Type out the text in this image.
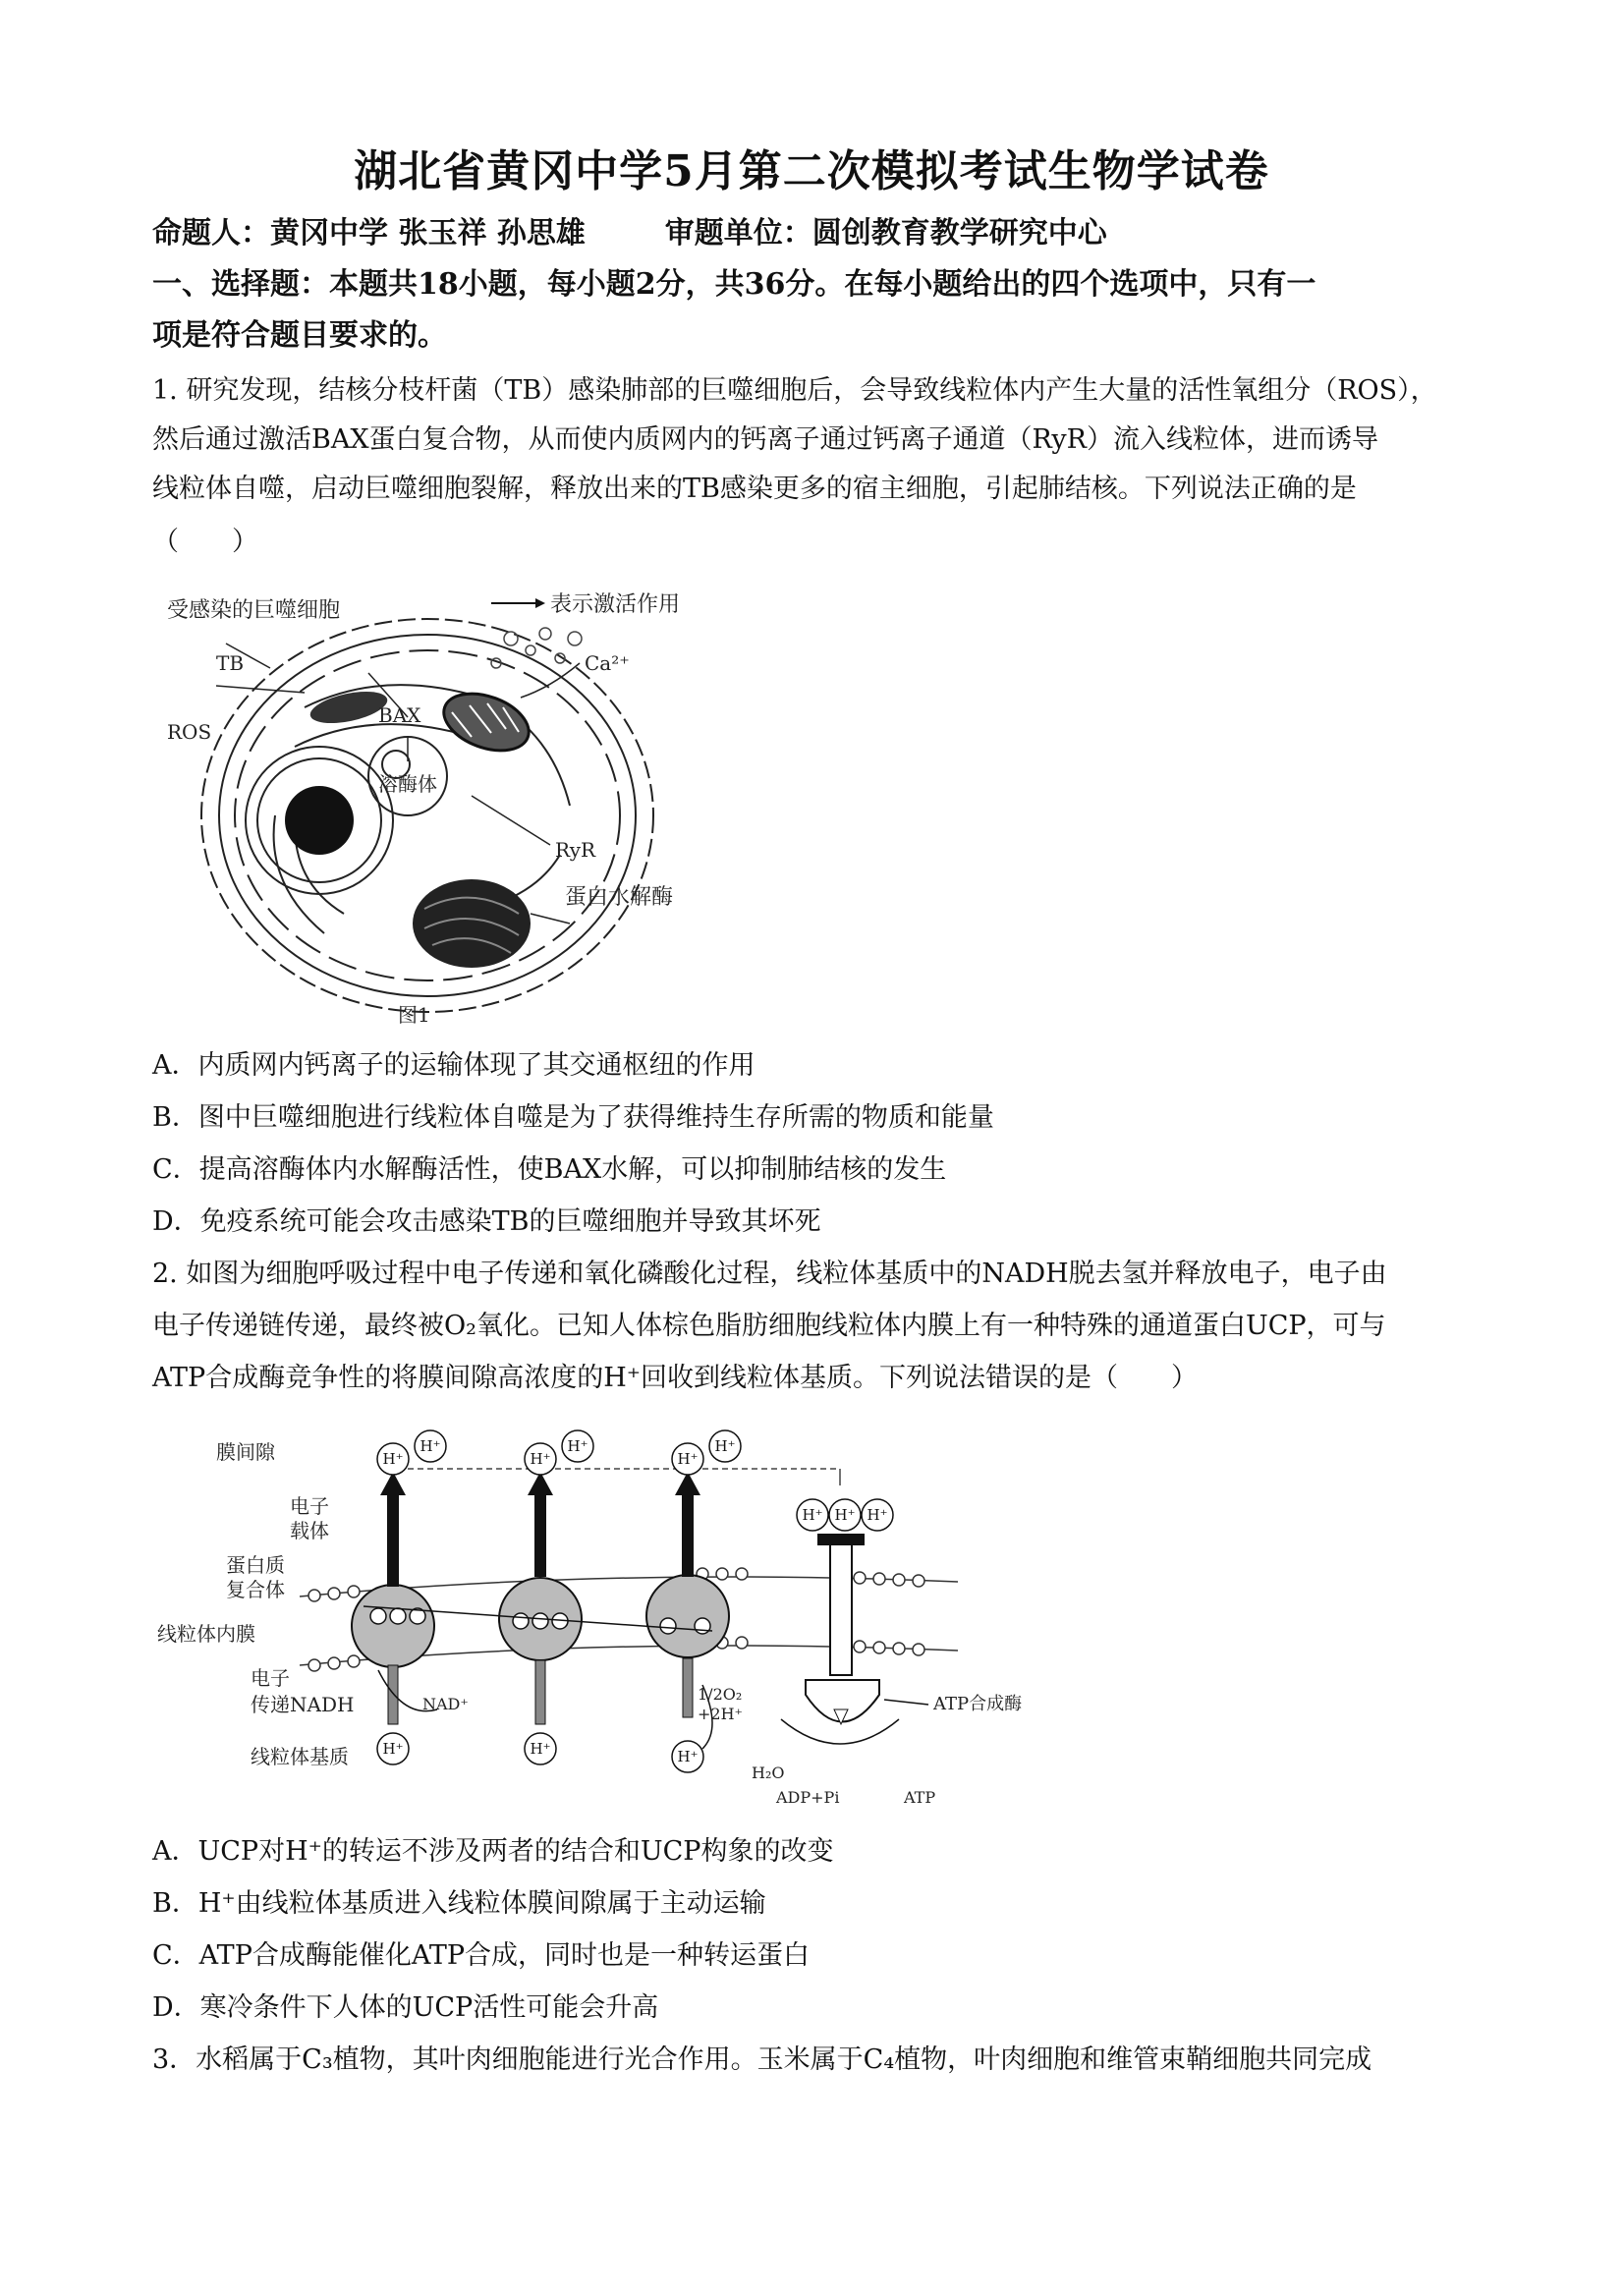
湖北省黄冈中学5月第二次模拟考试生物学试卷
命题人：黄冈中学 张玉祥 孙思雄	审题单位：圆创教育教学研究中心
一、选择题：本题共18小题，每小题2分，共36分。在每小题给出的四个选项中，只有一
项是符合题目要求的。
1. 研究发现，结核分枝杆菌（TB）感染肺部的巨噬细胞后，会导致线粒体内产生大量的活性氧组分（ROS），
然后通过激活BAX蛋白复合物，从而使内质网内的钙离子通过钙离子通道（RyR）流入线粒体，进而诱导
线粒体自噬，启动巨噬细胞裂解，释放出来的TB感染更多的宿主细胞，引起肺结核。下列说法正确的是
（　　）
受感染的巨噬细胞	表示激活作用
TB
ROS
BAX
Ca²⁺
溶酶体
RyR
蛋白水解酶
图1
A．内质网内钙离子的运输体现了其交通枢纽的作用
B．图中巨噬细胞进行线粒体自噬是为了获得维持生存所需的物质和能量
C．提高溶酶体内水解酶活性，使BAX水解，可以抑制肺结核的发生
D．免疫系统可能会攻击感染TB的巨噬细胞并导致其坏死
2. 如图为细胞呼吸过程中电子传递和氧化磷酸化过程，线粒体基质中的NADH脱去氢并释放电子，电子由
电子传递链传递，最终被O₂氧化。已知人体棕色脂肪细胞线粒体内膜上有一种特殊的通道蛋白UCP，可与
ATP合成酶竞争性的将膜间隙高浓度的H⁺回收到线粒体基质。下列说法错误的是（　　）
H⁺
H⁺
H⁺
H⁺
H⁺
H⁺
H⁺ H⁺ H⁺
H⁺	H⁺	H⁺
膜间隙
电子
载体
蛋白质
复合体
线粒体内膜
电子
传递NADH
线粒体基质
NAD⁺
1/2O₂
+2H⁺
H₂O
ADP+Pi	ATP
ATP合成酶
A．UCP对H⁺的转运不涉及两者的结合和UCP构象的改变
B．H⁺由线粒体基质进入线粒体膜间隙属于主动运输
C．ATP合成酶能催化ATP合成，同时也是一种转运蛋白
D．寒冷条件下人体的UCP活性可能会升高
3．水稻属于C₃植物，其叶肉细胞能进行光合作用。玉米属于C₄植物，叶肉细胞和维管束鞘细胞共同完成
